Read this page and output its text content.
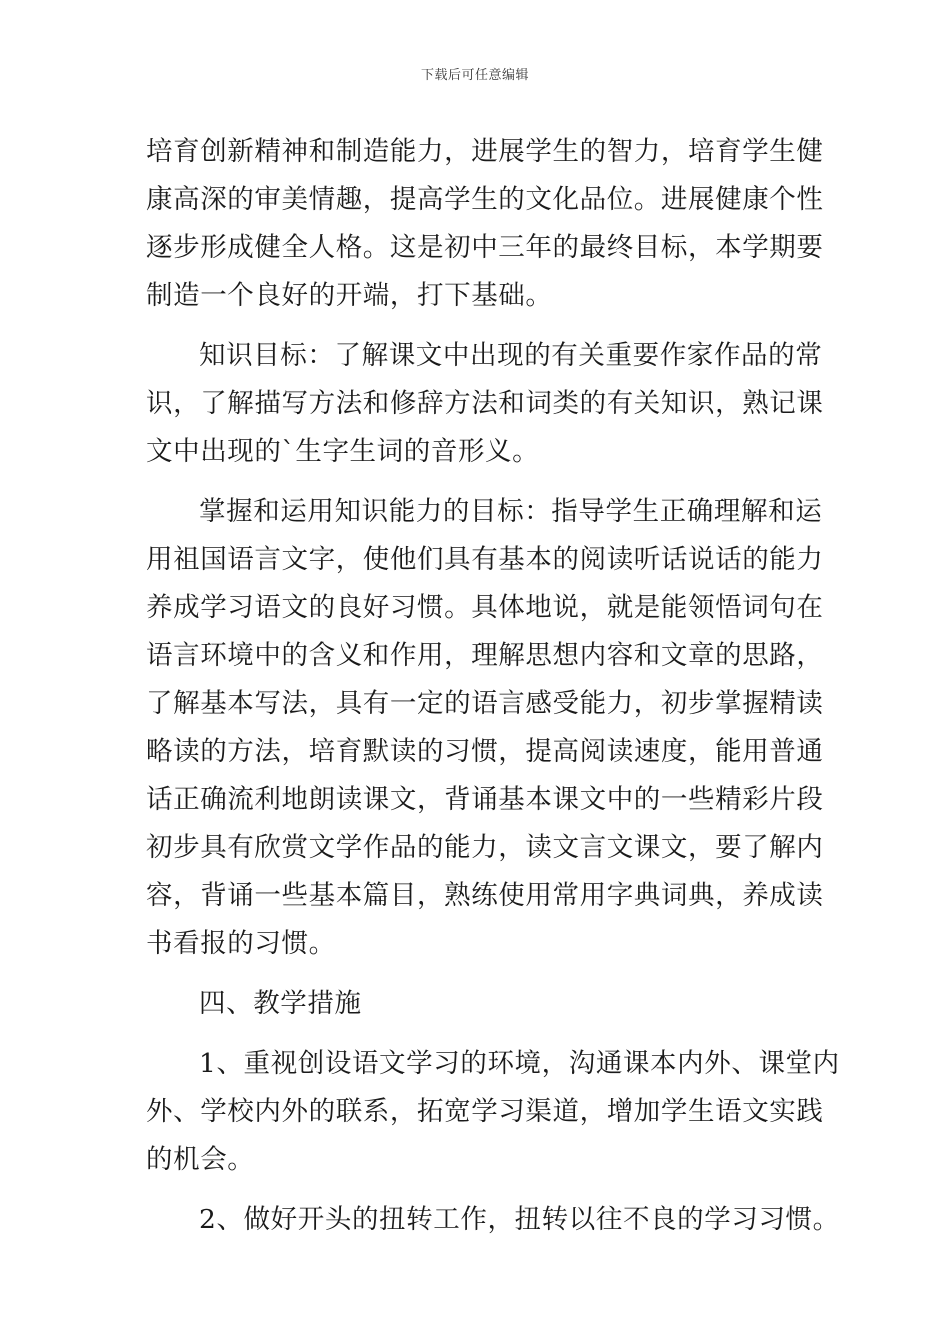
下载后可任意编辑
培育创新精神和制造能力，进展学生的智力，培育学生健
康高深的审美情趣，提高学生的文化品位。进展健康个性
逐步形成健全人格。这是初中三年的最终目标，本学期要
制造一个良好的开端，打下基础。
知识目标：了解课文中出现的有关重要作家作品的常
识，了解描写方法和修辞方法和词类的有关知识，熟记课
文中出现的`生字生词的音形义。
掌握和运用知识能力的目标：指导学生正确理解和运
用祖国语言文字，使他们具有基本的阅读听话说话的能力
养成学习语文的良好习惯。具体地说，就是能领悟词句在
语言环境中的含义和作用，理解思想内容和文章的思路，
了解基本写法，具有一定的语言感受能力，初步掌握精读
略读的方法，培育默读的习惯，提高阅读速度，能用普通
话正确流利地朗读课文，背诵基本课文中的一些精彩片段
初步具有欣赏文学作品的能力，读文言文课文，要了解内
容，背诵一些基本篇目，熟练使用常用字典词典，养成读
书看报的习惯。
四、教学措施
1、重视创设语文学习的环境，沟通课本内外、课堂内
外、学校内外的联系，拓宽学习渠道，增加学生语文实践
的机会。
2、做好开头的扭转工作，扭转以往不良的学习习惯。
